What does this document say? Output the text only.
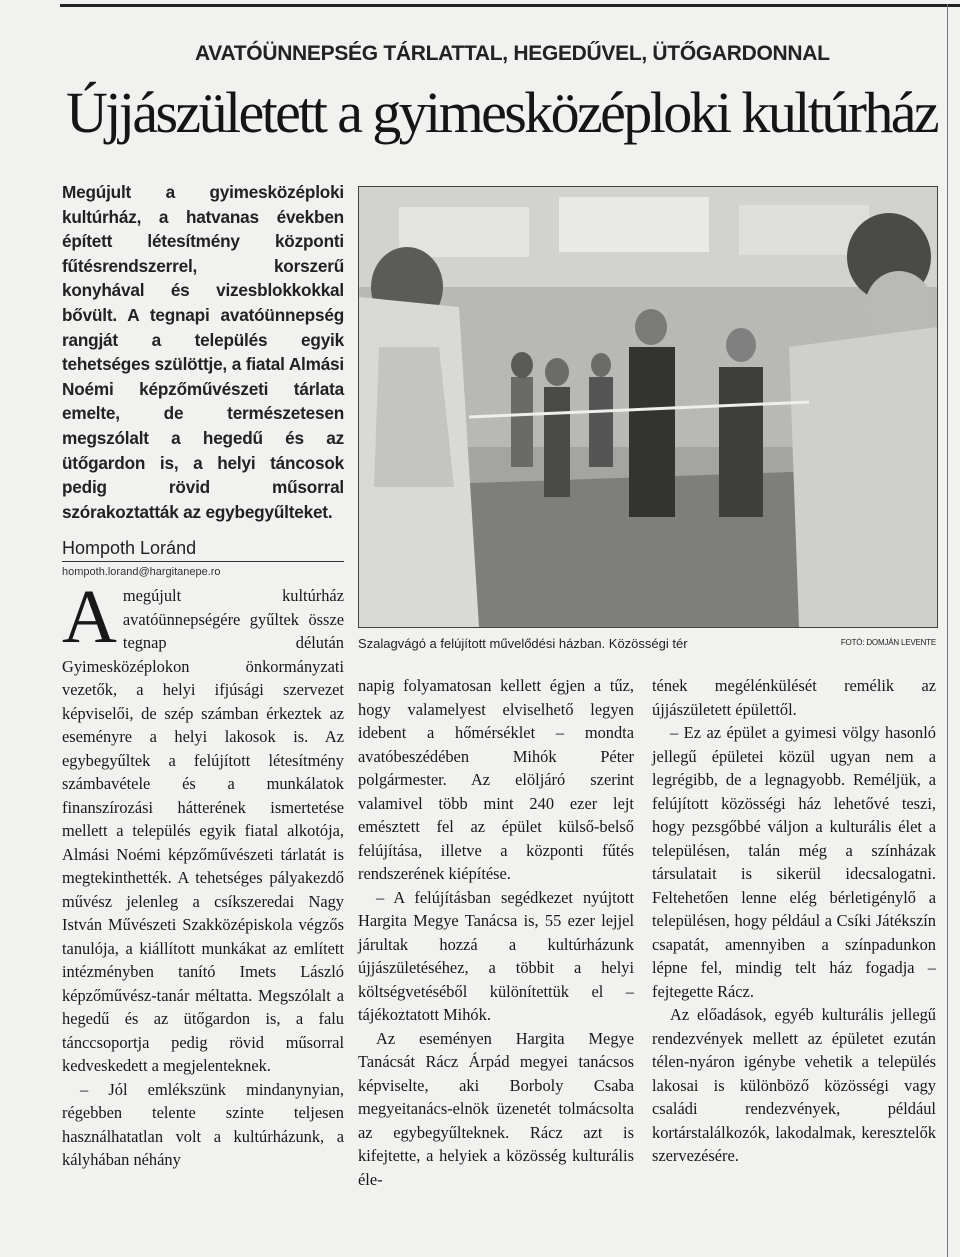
AVATÓÜNNEPSÉG TÁRLATTAL, HEGEDŰVEL, ÜTŐGARDONNAL
Újjászületett a gyimesközéploki kultúrház

Megújult a gyimesközéploki kultúrház, a hatvanas években épített létesítmény központi fűtésrendszerrel, korszerű konyhával és vizesblokkokkal bővült. A tegnapi avatóünnepség rangját a település egyik tehetséges szülöttje, a fiatal Almási Noémi képzőművészeti tárlata emelte, de természetesen megszólalt a hegedű és az ütőgardon is, a helyi táncosok pedig rövid műsorral szórakoztatták az egybegyűlteket.

Hompoth Loránd
hompoth.lorand@hargitanepe.ro
Szalagvágó a felújított művelődési házban. Közösségi tér	FOTÓ: DOMJÁN LEVENTE

Amegújult kultúrház avatóünnepségére gyűltek össze tegnap délután Gyimesközéplokon önkormányzati vezetők, a helyi ifjúsági szervezet képviselői, de szép számban érkeztek az eseményre a helyi lakosok is. Az egybegyűltek a felújított létesítmény számbavétele és a munkálatok finanszírozási hátterének ismertetése mellett a település egyik fiatal alkotója, Almási Noémi képzőművészeti tárlatát is megtekinthették. A tehetséges pályakezdő művész jelenleg a csíkszeredai Nagy István Művészeti Szakközépiskola végzős tanulója, a kiállított munkákat az említett intézményben tanító Imets László képzőművész-tanár méltatta. Megszólalt a hegedű és az ütőgardon is, a falu tánccsoportja pedig rövid műsorral kedveskedett a megjelenteknek.

– Jól emlékszünk mindanynyian, régebben telente szinte teljesen használhatatlan volt a kultúrházunk, a kályhában néhány

napig folyamatosan kellett égjen a tűz, hogy valamelyest elviselhető legyen idebent a hőmérséklet – mondta avatóbeszédében Mihók Péter polgármester. Az elöljáró szerint valamivel több mint 240 ezer lejt emésztett fel az épület külső-belső felújítása, illetve a központi fűtés rendszerének kiépítése.

– A felújításban segédkezet nyújtott Hargita Megye Tanácsa is, 55 ezer lejjel járultak hozzá a kultúrházunk újjászületéséhez, a többit a helyi költségvetéséből különítettük el – tájékoztatott Mihók.

Az eseményen Hargita Megye Tanácsát Rácz Árpád megyei tanácsos képviselte, aki Borboly Csaba megyeitanács-elnök üzenetét tolmácsolta az egybegyűlteknek. Rácz azt is kifejtette, a helyiek a közösség kulturális éle-

tének megélénkülését remélik az újjászületett épülettől.

– Ez az épület a gyimesi völgy hasonló jellegű épületei közül ugyan nem a legrégibb, de a legnagyobb. Reméljük, a felújított közösségi ház lehetővé teszi, hogy pezsgőbbé váljon a kulturális élet a településen, talán még a színházak társulatait is sikerül idecsalogatni. Feltehetően lenne elég bérletigénylő a településen, hogy például a Csíki Játékszín csapatát, amennyiben a színpadunkon lépne fel, mindig telt ház fogadja – fejtegette Rácz.

Az előadások, egyéb kulturális jellegű rendezvények mellett az épületet ezután télen-nyáron igénybe vehetik a település lakosai is különböző közösségi vagy családi rendezvények, például kortárstalálkozók, lakodalmak, keresztelők szervezésére.
